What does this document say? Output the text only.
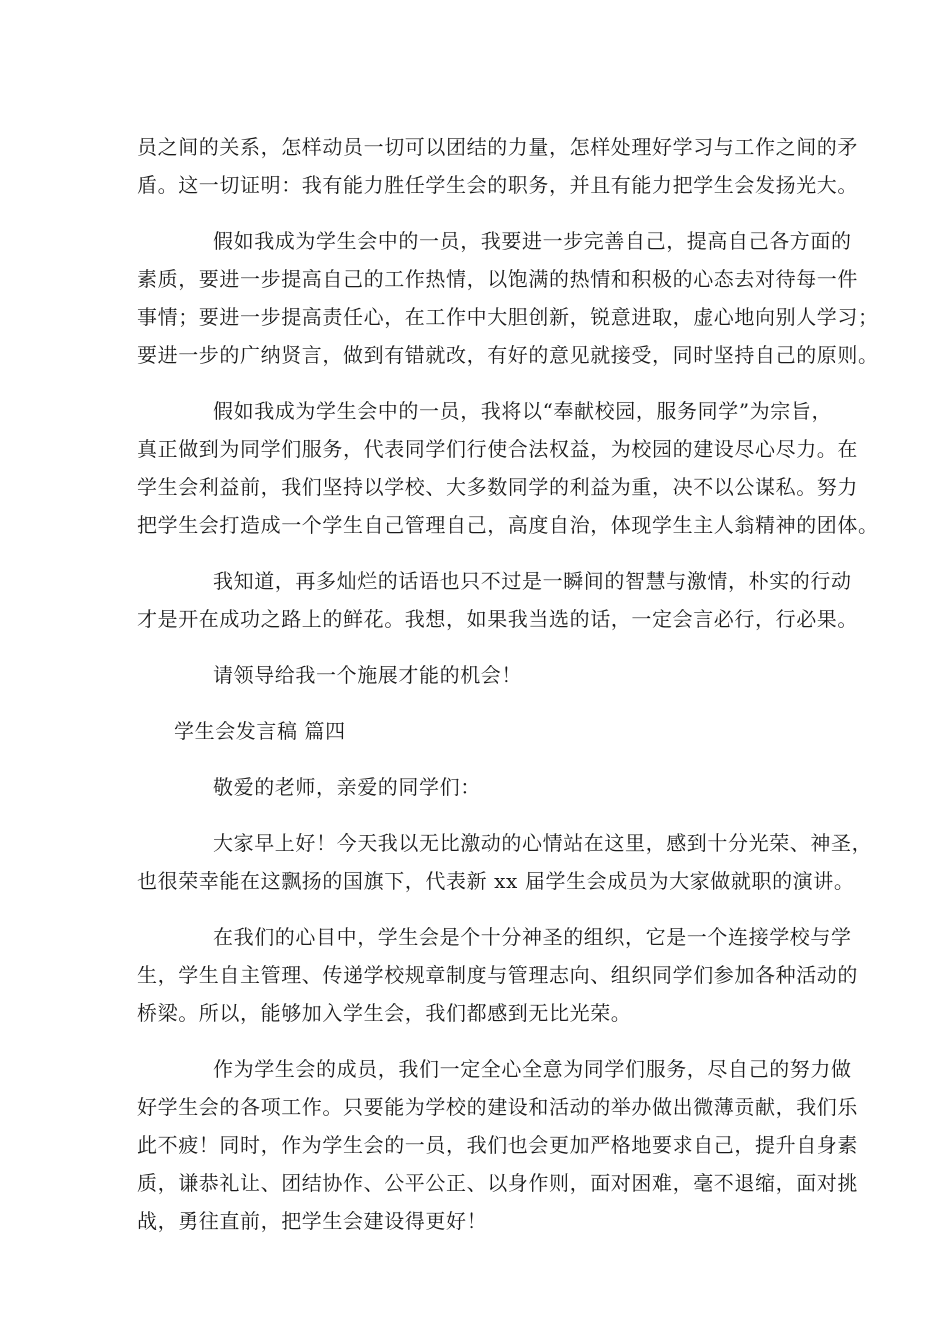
员之间的关系，怎样动员一切可以团结的力量，怎样处理好学习与工作之间的矛
盾。这一切证明：我有能力胜任学生会的职务，并且有能力把学生会发扬光大。

假如我成为学生会中的一员，我要进一步完善自己，提高自己各方面的
素质，要进一步提高自己的工作热情，以饱满的热情和积极的心态去对待每一件
事情；要进一步提高责任心，在工作中大胆创新，锐意进取，虚心地向别人学习；
要进一步的广纳贤言，做到有错就改，有好的意见就接受，同时坚持自己的原则。

假如我成为学生会中的一员，我将以“奉献校园，服务同学”为宗旨，
真正做到为同学们服务，代表同学们行使合法权益，为校园的建设尽心尽力。在
学生会利益前，我们坚持以学校、大多数同学的利益为重，决不以公谋私。努力
把学生会打造成一个学生自己管理自己，高度自治，体现学生主人翁精神的团体。

我知道，再多灿烂的话语也只不过是一瞬间的智慧与激情，朴实的行动
才是开在成功之路上的鲜花。我想，如果我当选的话，一定会言必行，行必果。

请领导给我一个施展才能的机会！

学生会发言稿 篇四

敬爱的老师，亲爱的同学们：

大家早上好！今天我以无比激动的心情站在这里，感到十分光荣、神圣，
也很荣幸能在这飘扬的国旗下，代表新 xx 届学生会成员为大家做就职的演讲。

在我们的心目中，学生会是个十分神圣的组织，它是一个连接学校与学
生，学生自主管理、传递学校规章制度与管理志向、组织同学们参加各种活动的
桥梁。所以，能够加入学生会，我们都感到无比光荣。

作为学生会的成员，我们一定全心全意为同学们服务，尽自己的努力做
好学生会的各项工作。只要能为学校的建设和活动的举办做出微薄贡献，我们乐
此不疲！同时，作为学生会的一员，我们也会更加严格地要求自己，提升自身素
质，谦恭礼让、团结协作、公平公正、以身作则，面对困难，毫不退缩，面对挑
战，勇往直前，把学生会建设得更好！
